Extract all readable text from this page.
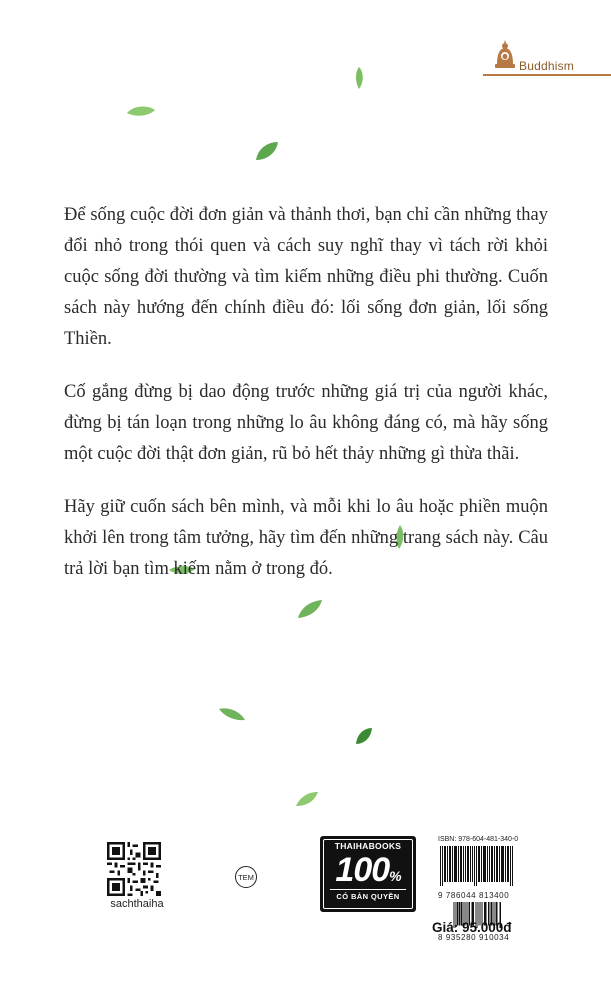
Buddhism

Để sống cuộc đời đơn giản và thảnh thơi, bạn chỉ cần những thay đổi nhỏ trong thói quen và cách suy nghĩ thay vì tách rời khỏi cuộc sống đời thường và tìm kiếm những điều phi thường. Cuốn sách này hướng đến chính điều đó: lối sống đơn giản, lối sống Thiền.

Cố gắng đừng bị dao động trước những giá trị của người khác, đừng bị tán loạn trong những lo âu không đáng có, mà hãy sống một cuộc đời thật đơn giản, rũ bỏ hết thảy những gì thừa thãi.

Hãy giữ cuốn sách bên mình, và mỗi khi lo âu hoặc phiền muộn khởi lên trong tâm tưởng, hãy tìm đến những trang sách này. Câu trả lời bạn tìm kiếm nằm ở trong đó.

sachthaiha
TEM
THAIHABOOKS
100%
CÓ BẢN QUYỀN
ISBN: 978-604-481-340-0
9 786044 813400
8 935280 910034
Giá: 95.000đ
